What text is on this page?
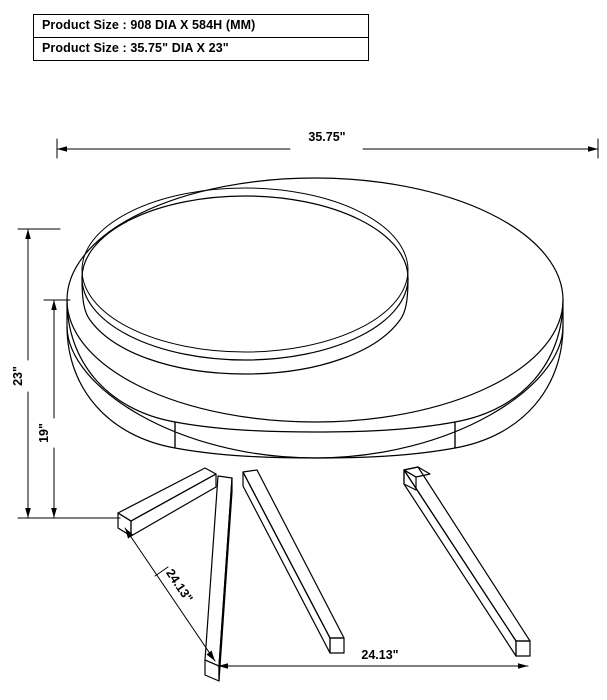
Product Size : 908 DIA X 584H (MM)
Product Size : 35.75" DIA X 23"
35.75"
23"
19"
24.13"
24.13"
